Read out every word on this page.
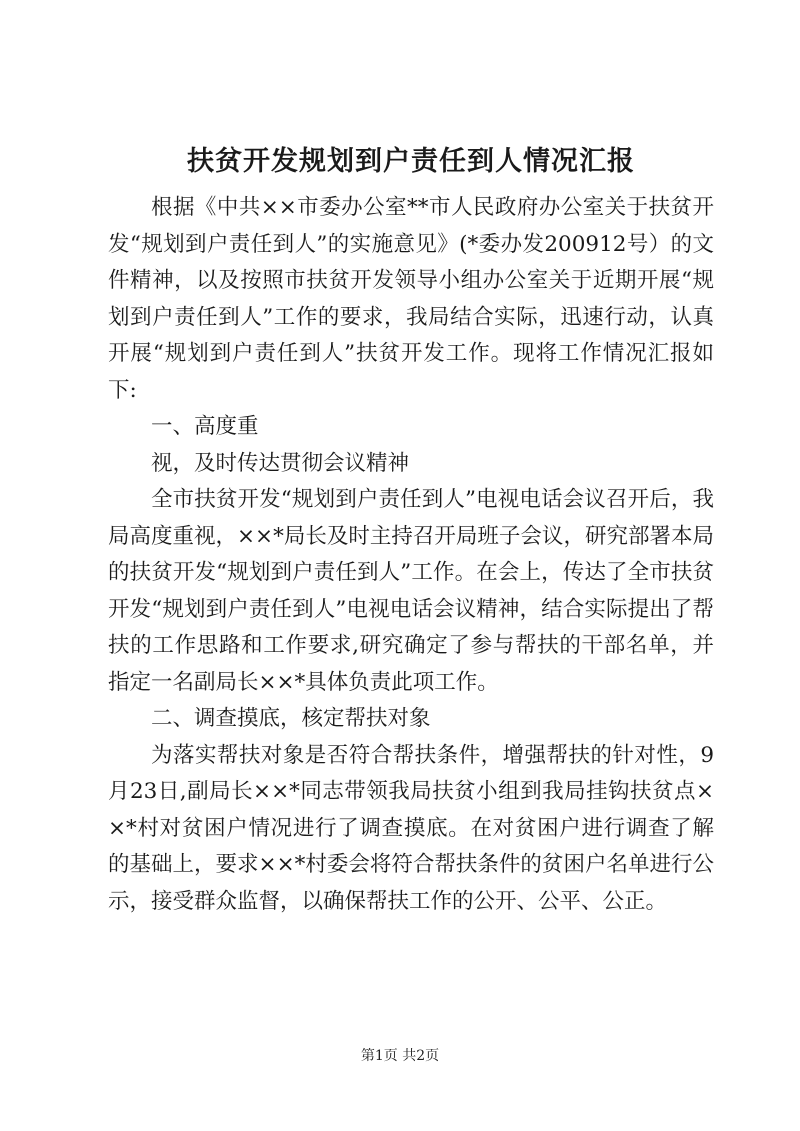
扶贫开发规划到户责任到人情况汇报

根据《中共××市委办公室**市人民政府办公室关于扶贫开发“规划到户责任到人”的实施意见》(*委办发200912号）的文件精神，以及按照市扶贫开发领导小组办公室关于近期开展“规划到户责任到人”工作的要求，我局结合实际，迅速行动，认真开展“规划到户责任到人”扶贫开发工作。现将工作情况汇报如下:

一、高度重

视，及时传达贯彻会议精神

全市扶贫开发“规划到户责任到人”电视电话会议召开后，我局高度重视，××*局长及时主持召开局班子会议，研究部署本局的扶贫开发“规划到户责任到人”工作。在会上，传达了全市扶贫开发“规划到户责任到人”电视电话会议精神，结合实际提出了帮扶的工作思路和工作要求,研究确定了参与帮扶的干部名单，并指定一名副局长××*具体负责此项工作。

二、调查摸底，核定帮扶对象

为落实帮扶对象是否符合帮扶条件，增强帮扶的针对性，9月23日,副局长××*同志带领我局扶贫小组到我局挂钩扶贫点××*村对贫困户情况进行了调查摸底。在对贫困户进行调查了解的基础上，要求××*村委会将符合帮扶条件的贫困户名单进行公示，接受群众监督，以确保帮扶工作的公开、公平、公正。

第1页 共2页
